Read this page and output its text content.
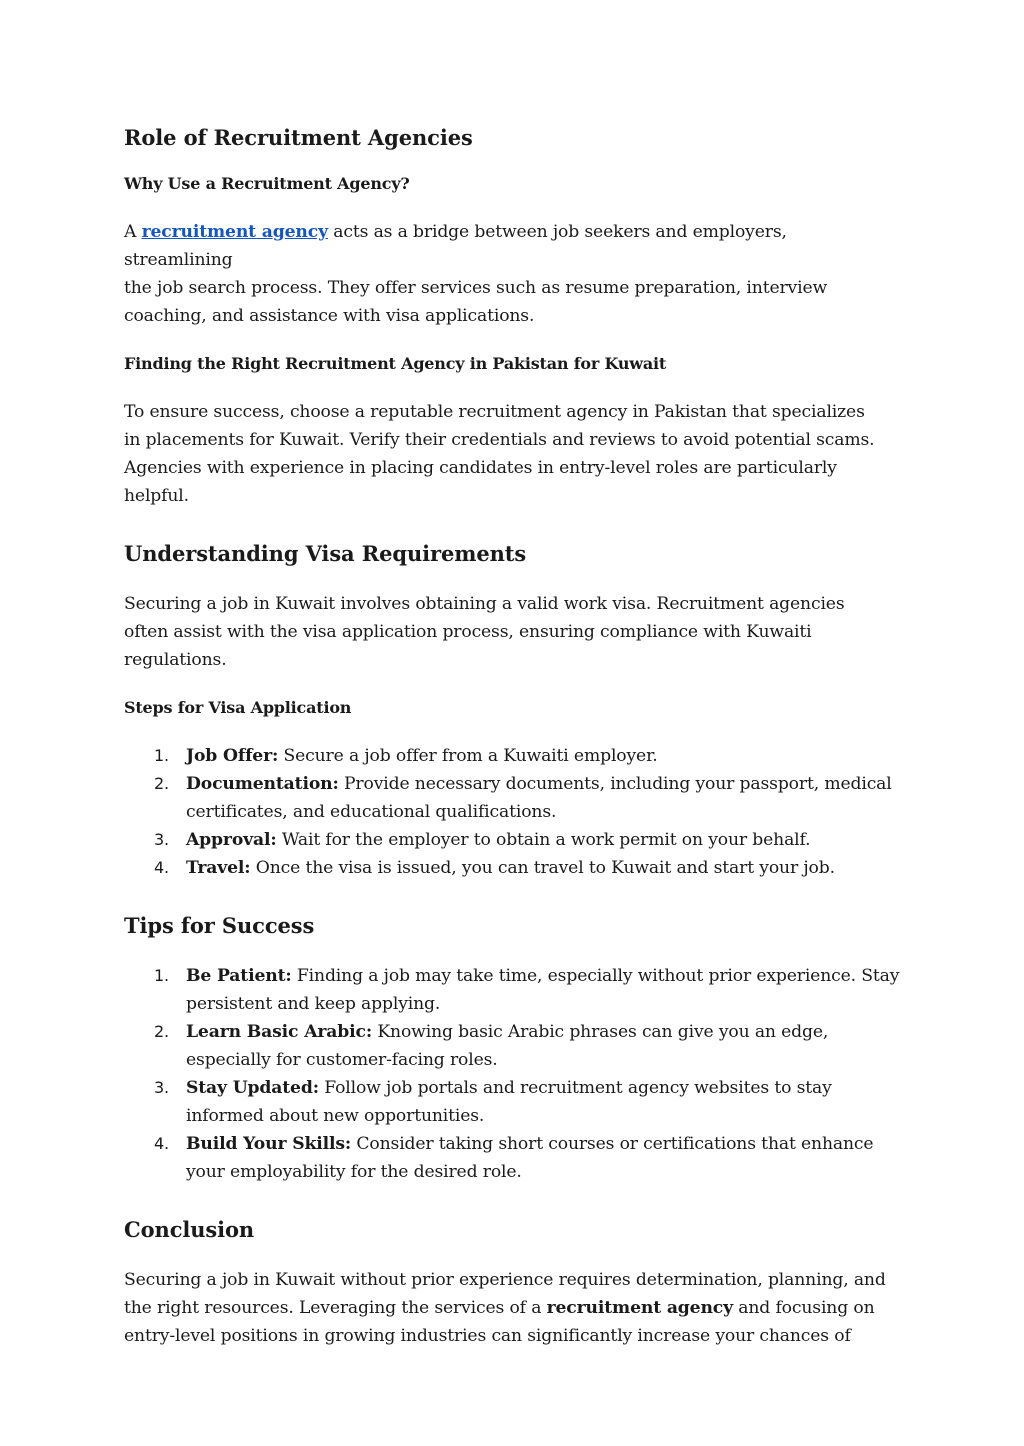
Role of Recruitment Agencies
Why Use a Recruitment Agency?

A recruitment agency acts as a bridge between job seekers and employers, streamlining
the job search process. They offer services such as resume preparation, interview
coaching, and assistance with visa applications.

Finding the Right Recruitment Agency in Pakistan for Kuwait

To ensure success, choose a reputable recruitment agency in Pakistan that specializes
in placements for Kuwait. Verify their credentials and reviews to avoid potential scams.
Agencies with experience in placing candidates in entry-level roles are particularly
helpful.

Understanding Visa Requirements

Securing a job in Kuwait involves obtaining a valid work visa. Recruitment agencies
often assist with the visa application process, ensuring compliance with Kuwaiti
regulations.

Steps for Visa Application
1. Job Offer: Secure a job offer from a Kuwaiti employer.
2. Documentation: Provide necessary documents, including your passport, medical
certificates, and educational qualifications.
3. Approval: Wait for the employer to obtain a work permit on your behalf.
4. Travel: Once the visa is issued, you can travel to Kuwait and start your job.
Tips for Success
1. Be Patient: Finding a job may take time, especially without prior experience. Stay
persistent and keep applying.
2. Learn Basic Arabic: Knowing basic Arabic phrases can give you an edge,
especially for customer-facing roles.
3. Stay Updated: Follow job portals and recruitment agency websites to stay
informed about new opportunities.
4. Build Your Skills: Consider taking short courses or certifications that enhance
your employability for the desired role.
Conclusion

Securing a job in Kuwait without prior experience requires determination, planning, and
the right resources. Leveraging the services of a recruitment agency and focusing on
entry-level positions in growing industries can significantly increase your chances of
